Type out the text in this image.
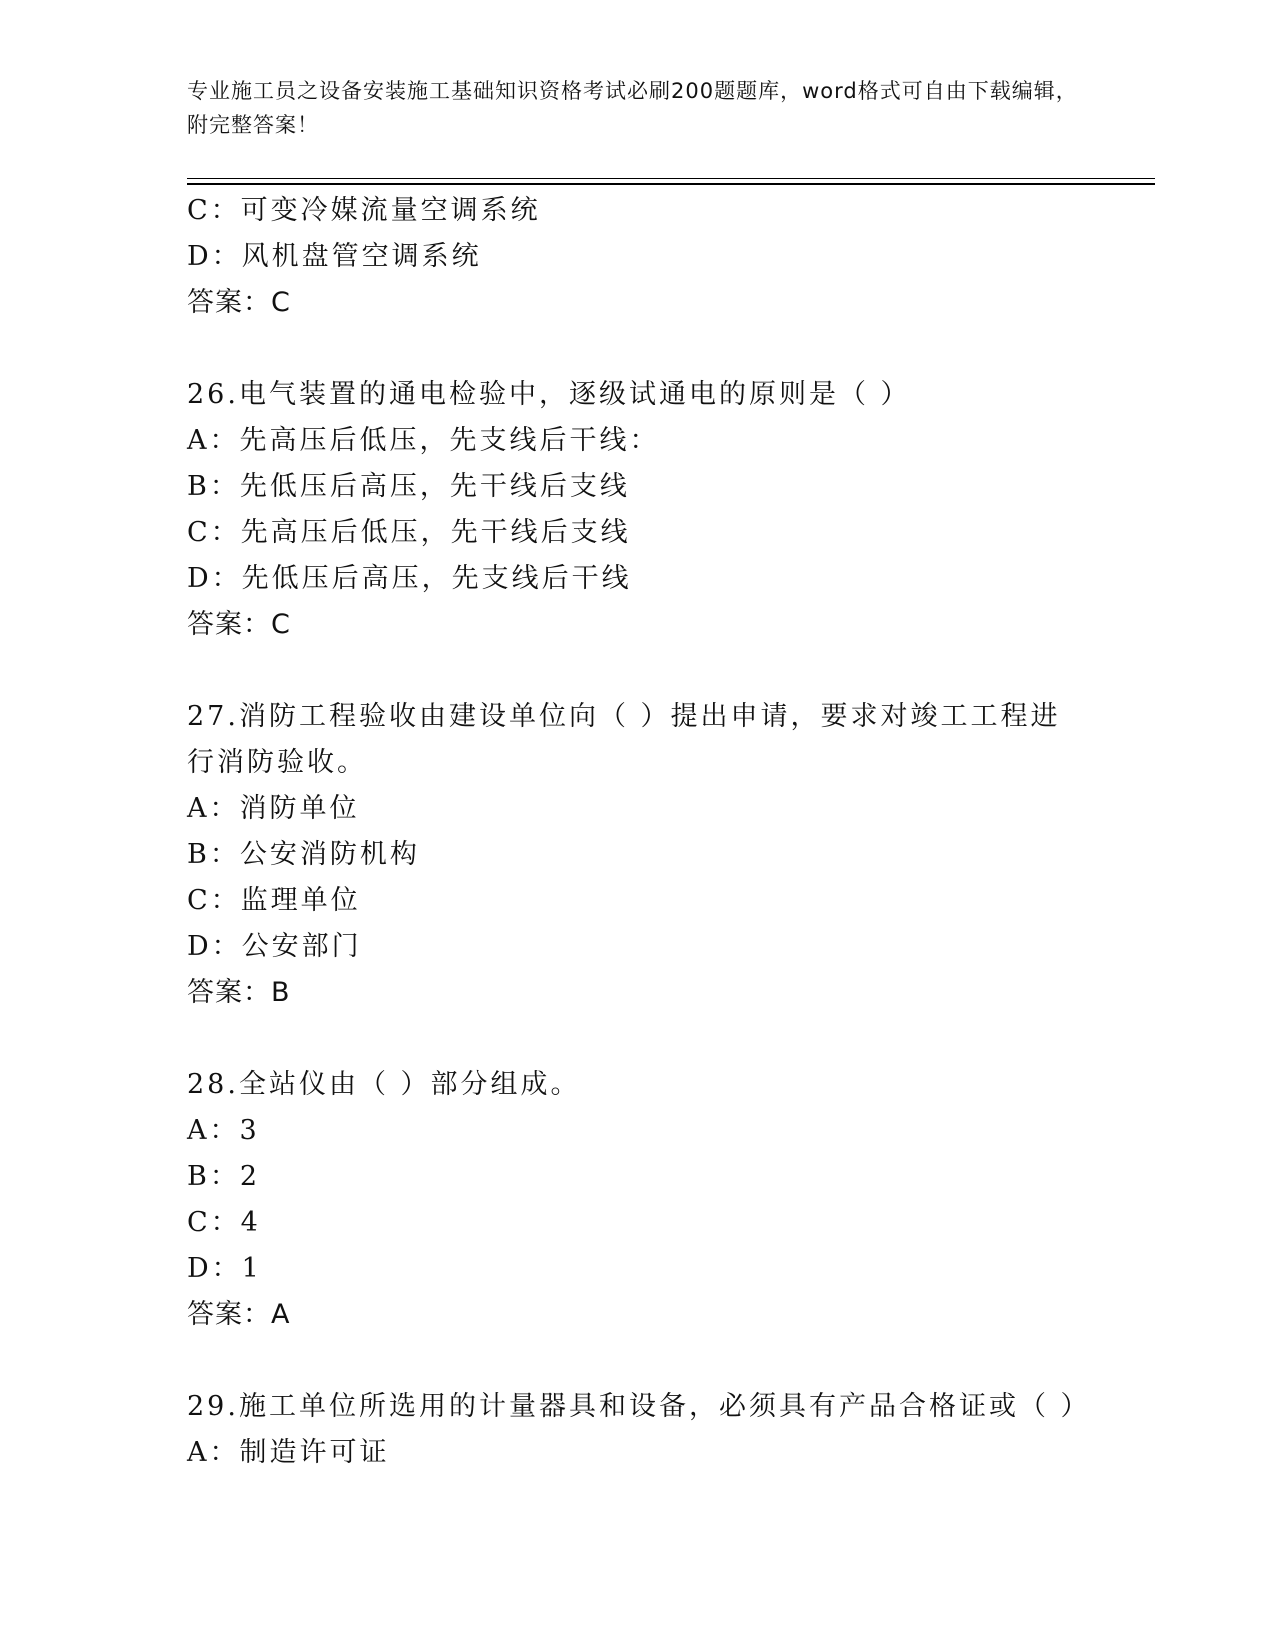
专业施工员之设备安装施工基础知识资格考试必刷200题题库，word格式可自由下载编辑，附完整答案！
C：可变冷媒流量空调系统
D：风机盘管空调系统
答案：C
26.电气装置的通电检验中，逐级试通电的原则是（ ）
A：先高压后低压，先支线后干线：
B：先低压后高压，先干线后支线
C：先高压后低压，先干线后支线
D：先低压后高压，先支线后干线
答案：C
27.消防工程验收由建设单位向（ ）提出申请，要求对竣工工程进行消防验收。
A：消防单位
B：公安消防机构
C：监理单位
D：公安部门
答案：B
28.全站仪由（ ）部分组成。
A：3
B：2
C：4
D：1
答案：A
29.施工单位所选用的计量器具和设备，必须具有产品合格证或（ ）
A：制造许可证
